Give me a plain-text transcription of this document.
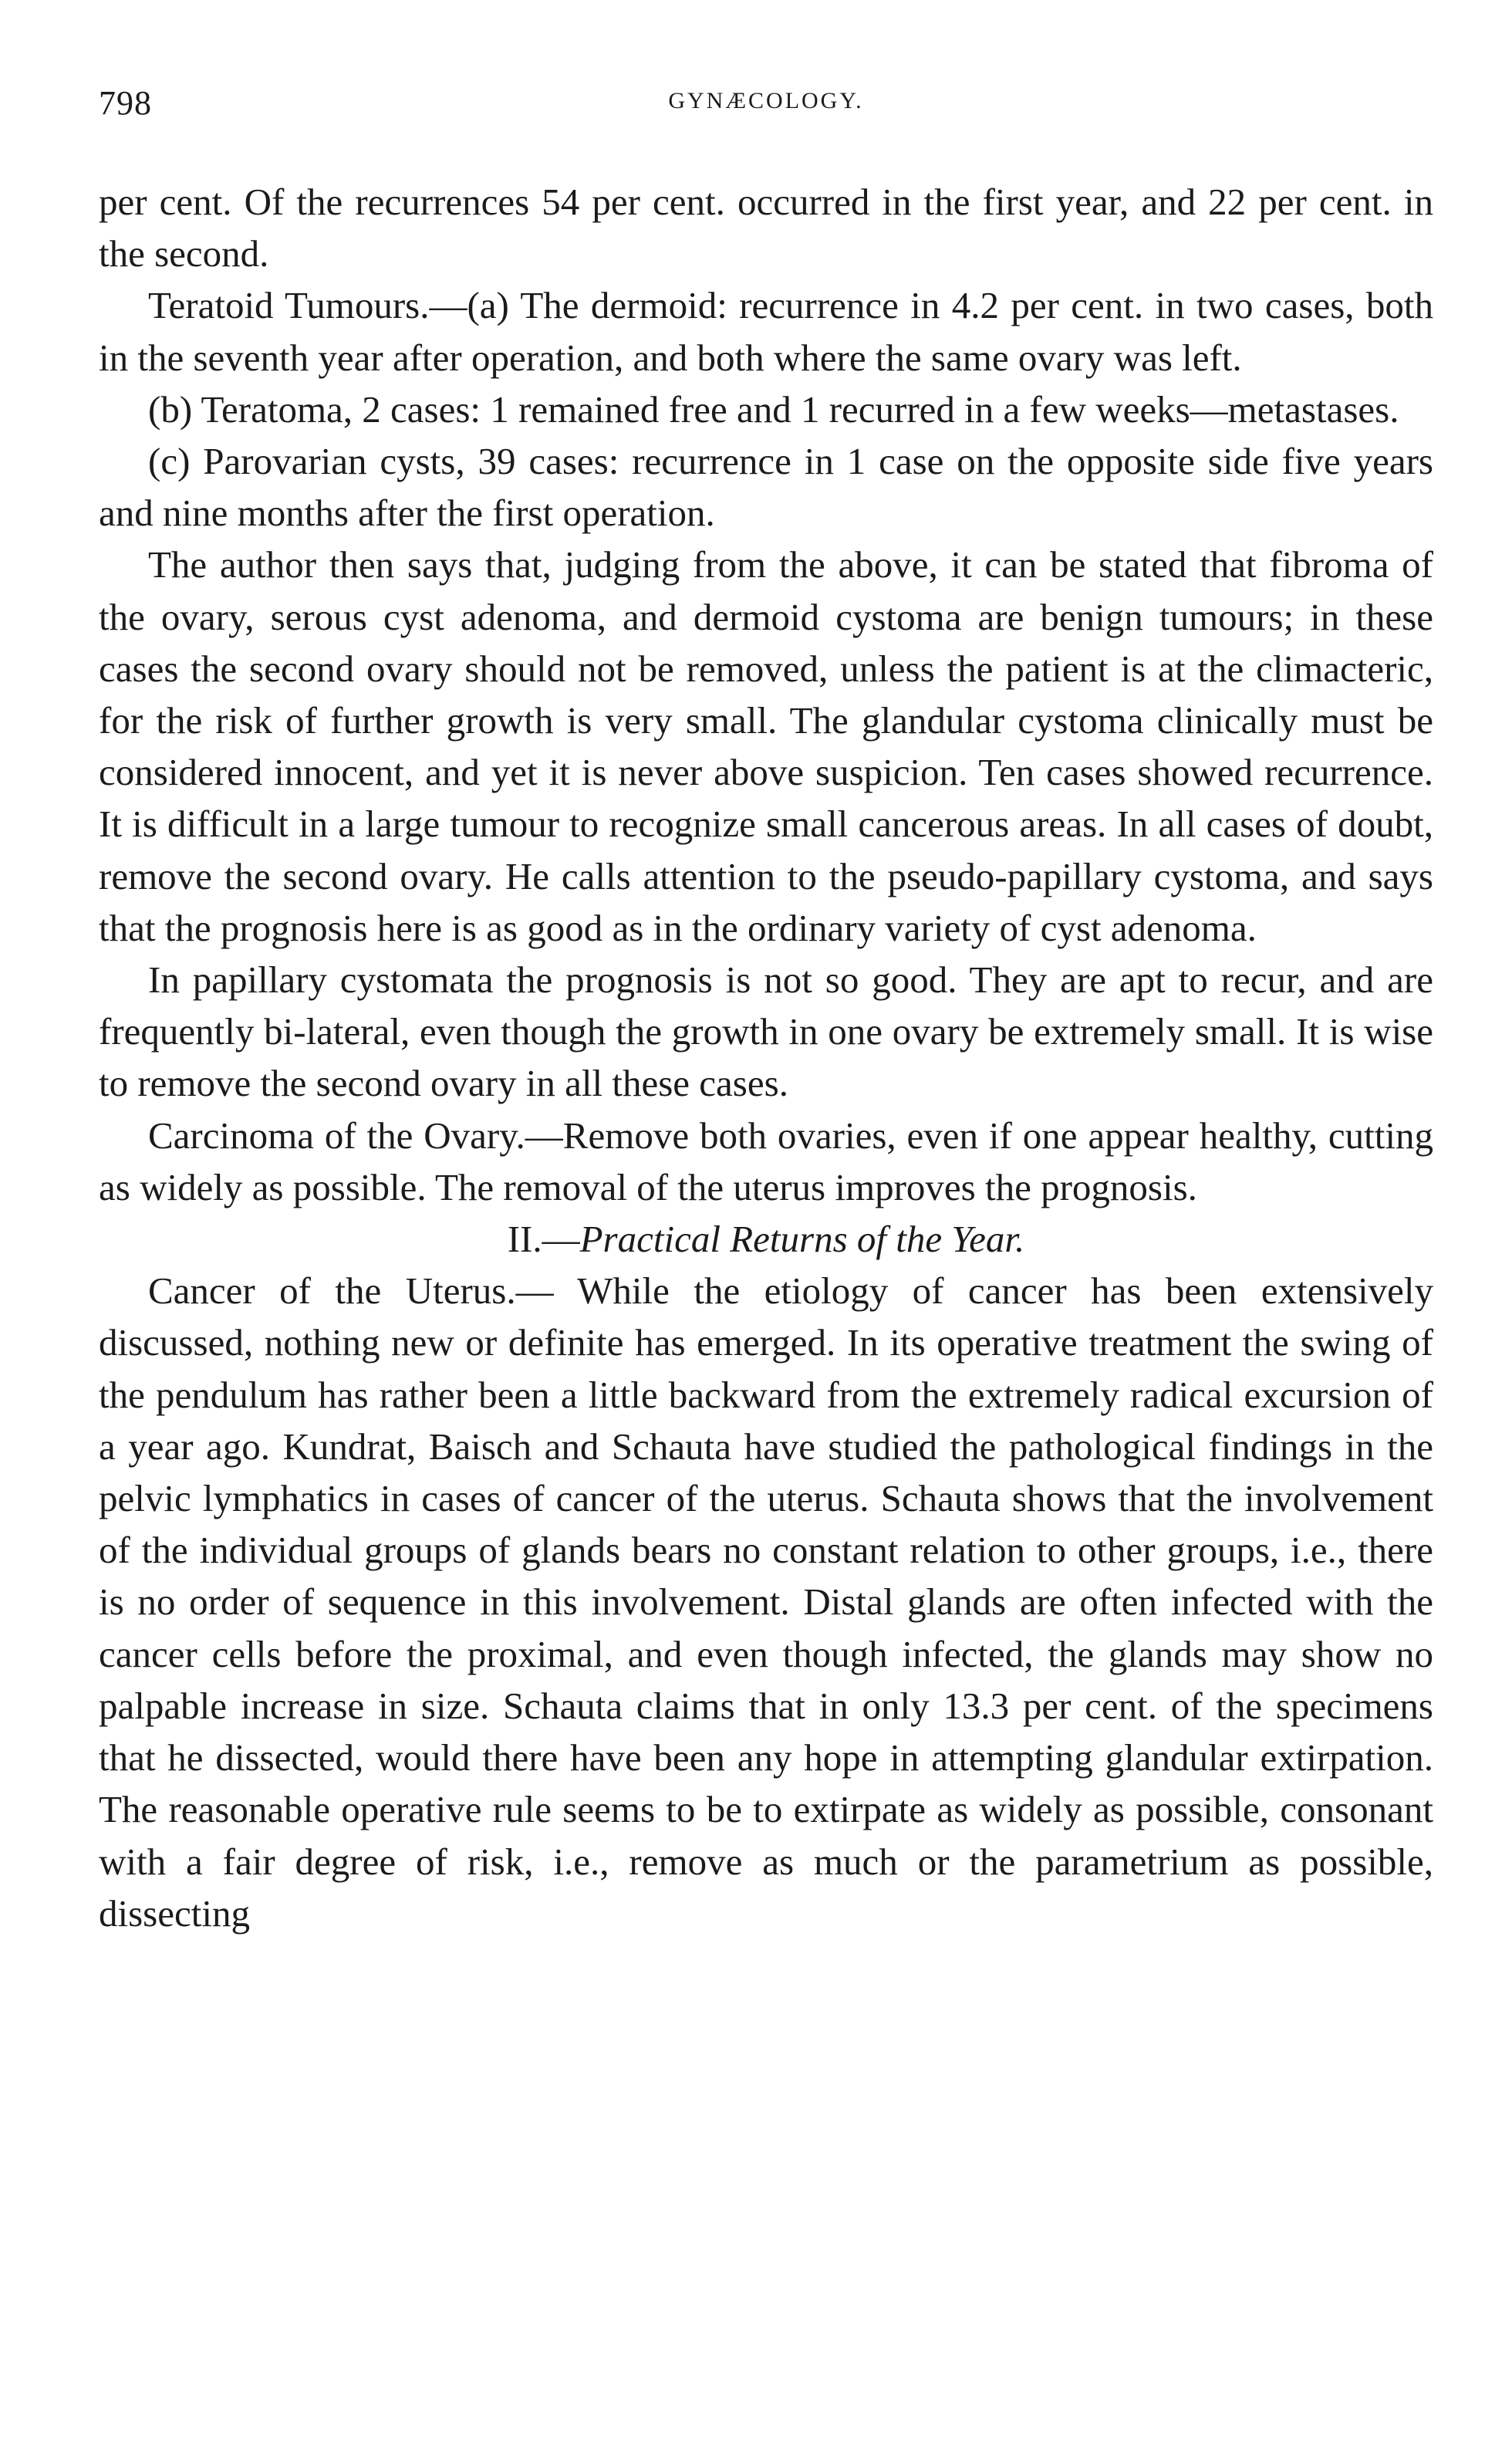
798	GYNÆCOLOGY.

per cent. Of the recurrences 54 per cent. occurred in the first year, and 22 per cent. in the second.

Teratoid Tumours.—(a) The dermoid: recurrence in 4.2 per cent. in two cases, both in the seventh year after operation, and both where the same ovary was left.

(b) Teratoma, 2 cases: 1 remained free and 1 recurred in a few weeks—metastases.

(c) Parovarian cysts, 39 cases: recurrence in 1 case on the opposite side five years and nine months after the first operation.

The author then says that, judging from the above, it can be stated that fibroma of the ovary, serous cyst adenoma, and dermoid cystoma are benign tumours; in these cases the second ovary should not be removed, unless the patient is at the climacteric, for the risk of further growth is very small. The glandular cystoma clinically must be considered innocent, and yet it is never above suspicion. Ten cases showed recurrence. It is difficult in a large tumour to recognize small cancerous areas. In all cases of doubt, remove the second ovary. He calls attention to the pseudo-papillary cystoma, and says that the prognosis here is as good as in the ordinary variety of cyst adenoma.

In papillary cystomata the prognosis is not so good. They are apt to recur, and are frequently bi-lateral, even though the growth in one ovary be extremely small. It is wise to remove the second ovary in all these cases.

Carcinoma of the Ovary.—Remove both ovaries, even if one appear healthy, cutting as widely as possible. The removal of the uterus improves the prognosis.

II.—Practical Returns of the Year.

Cancer of the Uterus.— While the etiology of cancer has been extensively discussed, nothing new or definite has emerged. In its operative treatment the swing of the pendulum has rather been a little backward from the extremely radical excursion of a year ago. Kundrat, Baisch and Schauta have studied the pathological findings in the pelvic lymphatics in cases of cancer of the uterus. Schauta shows that the involvement of the individual groups of glands bears no constant relation to other groups, i.e., there is no order of sequence in this involvement. Distal glands are often infected with the cancer cells before the proximal, and even though infected, the glands may show no palpable increase in size. Schauta claims that in only 13.3 per cent. of the specimens that he dissected, would there have been any hope in attempting glandular extirpation. The reasonable operative rule seems to be to extirpate as widely as possible, consonant with a fair degree of risk, i.e., remove as much or the parametrium as possible, dissecting
